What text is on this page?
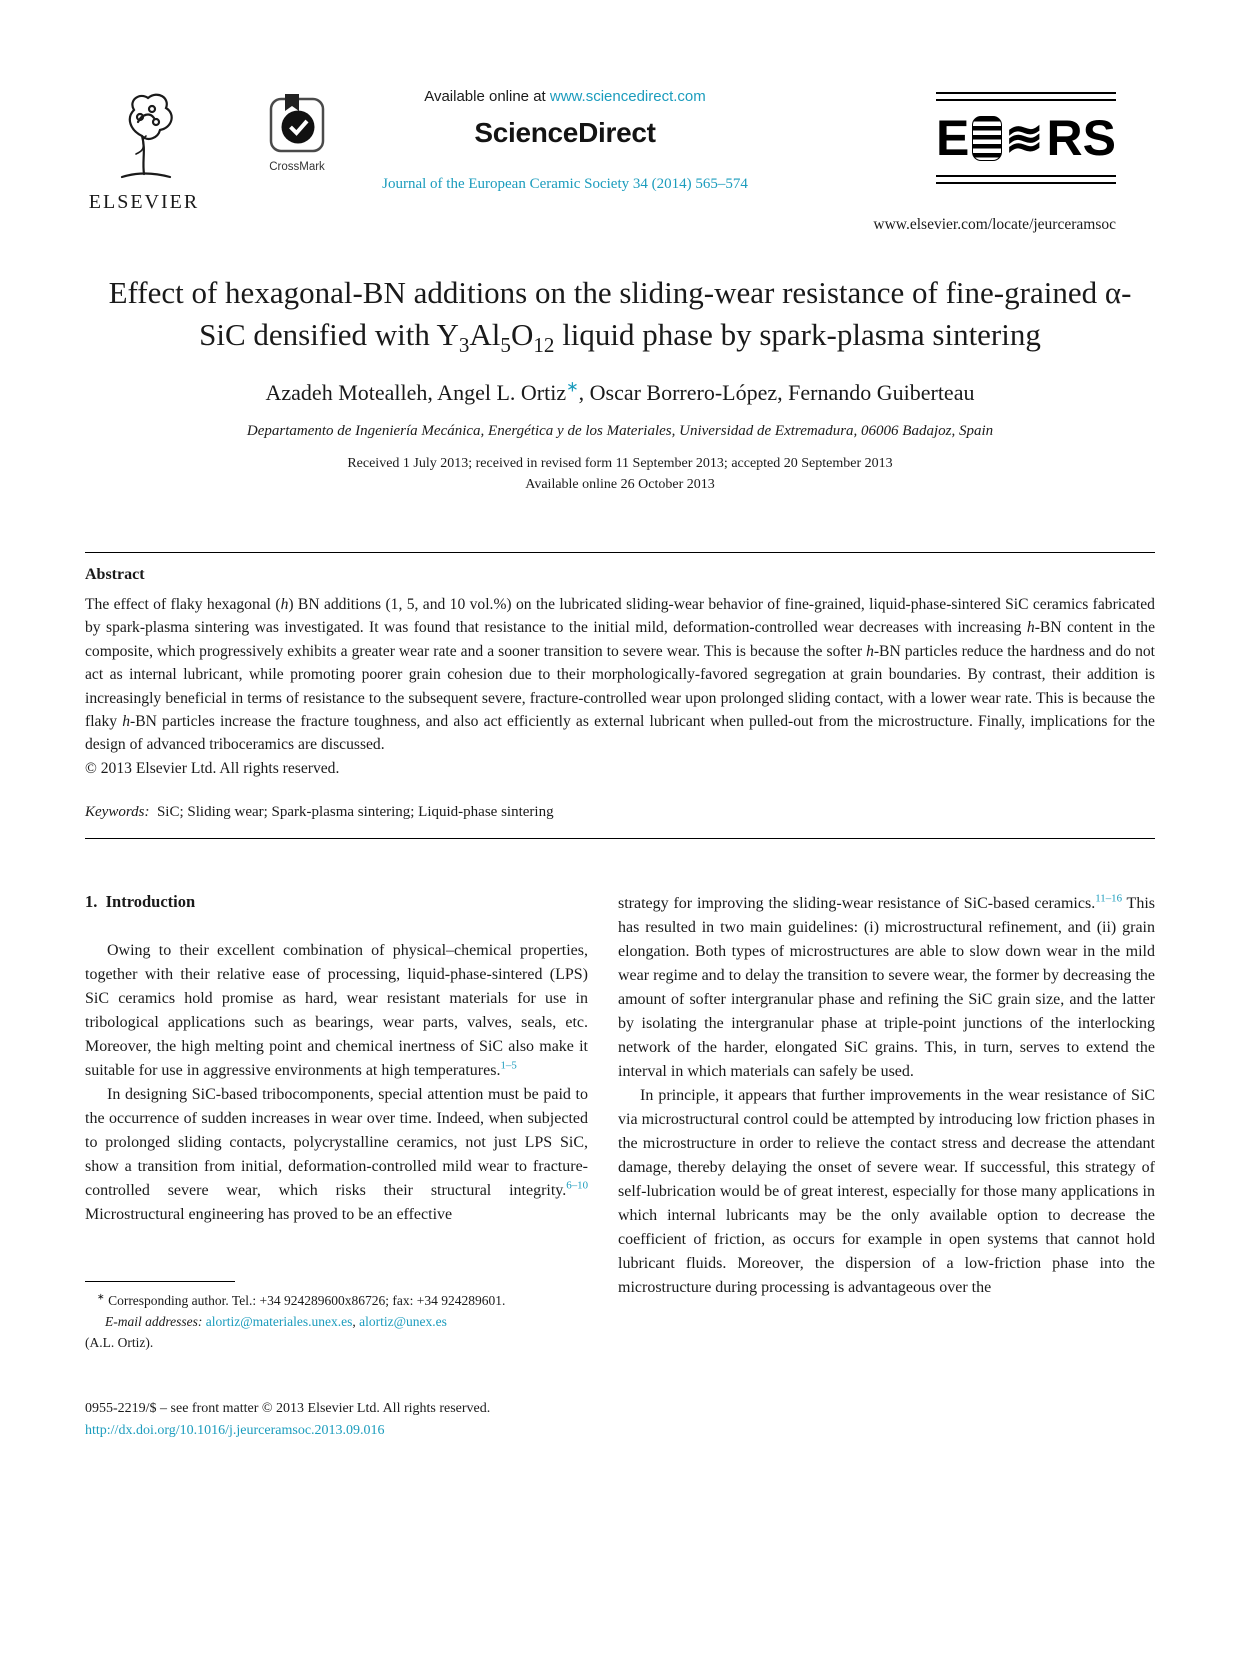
ELSEVIER
CrossMark
Available online at www.sciencedirect.com
ScienceDirect
Journal of the European Ceramic Society 34 (2014) 565–574
E ≋ RS
www.elsevier.com/locate/jeurceramsoc
Effect of hexagonal-BN additions on the sliding-wear resistance of fine-grained α-SiC densified with $Y_3Al_5O_{12}$ liquid phase by spark-plasma sintering
Azadeh Motealleh, Angel L. Ortiz∗, Oscar Borrero-López, Fernando Guiberteau
Departamento de Ingeniería Mecánica, Energética y de los Materiales, Universidad de Extremadura, 06006 Badajoz, Spain
Received 1 July 2013; received in revised form 11 September 2013; accepted 20 September 2013
Available online 26 October 2013
Abstract
The effect of flaky hexagonal (h) BN additions (1, 5, and 10 vol.%) on the lubricated sliding-wear behavior of fine-grained, liquid-phase-sintered SiC ceramics fabricated by spark-plasma sintering was investigated. It was found that resistance to the initial mild, deformation-controlled wear decreases with increasing h-BN content in the composite, which progressively exhibits a greater wear rate and a sooner transition to severe wear. This is because the softer h-BN particles reduce the hardness and do not act as internal lubricant, while promoting poorer grain cohesion due to their morphologically-favored segregation at grain boundaries. By contrast, their addition is increasingly beneficial in terms of resistance to the subsequent severe, fracture-controlled wear upon prolonged sliding contact, with a lower wear rate. This is because the flaky h-BN particles increase the fracture toughness, and also act efficiently as external lubricant when pulled-out from the microstructure. Finally, implications for the design of advanced triboceramics are discussed.
© 2013 Elsevier Ltd. All rights reserved.
Keywords:  SiC; Sliding wear; Spark-plasma sintering; Liquid-phase sintering
1.  Introduction

Owing to their excellent combination of physical–chemical properties, together with their relative ease of processing, liquid-phase-sintered (LPS) SiC ceramics hold promise as hard, wear resistant materials for use in tribological applications such as bearings, wear parts, valves, seals, etc. Moreover, the high melting point and chemical inertness of SiC also make it suitable for use in aggressive environments at high temperatures.$^{1-5}$

In designing SiC-based tribocomponents, special attention must be paid to the occurrence of sudden increases in wear over time. Indeed, when subjected to prolonged sliding contacts, polycrystalline ceramics, not just LPS SiC, show a transition from initial, deformation-controlled mild wear to fracture-controlled severe wear, which risks their structural integrity.$^{6-10}$ Microstructural engineering has proved to be an effective

∗ Corresponding author. Tel.: +34 924289600x86726; fax: +34 924289601.
E-mail addresses: alortiz@materiales.unex.es, alortiz@unex.es
(A.L. Ortiz).
0955-2219/$ – see front matter © 2013 Elsevier Ltd. All rights reserved.
http://dx.doi.org/10.1016/j.jeurceramsoc.2013.09.016

strategy for improving the sliding-wear resistance of SiC-based ceramics.$^{11-16}$ This has resulted in two main guidelines: (i) microstructural refinement, and (ii) grain elongation. Both types of microstructures are able to slow down wear in the mild wear regime and to delay the transition to severe wear, the former by decreasing the amount of softer intergranular phase and refining the SiC grain size, and the latter by isolating the intergranular phase at triple-point junctions of the interlocking network of the harder, elongated SiC grains. This, in turn, serves to extend the interval in which materials can safely be used.

In principle, it appears that further improvements in the wear resistance of SiC via microstructural control could be attempted by introducing low friction phases in the microstructure in order to relieve the contact stress and decrease the attendant damage, thereby delaying the onset of severe wear. If successful, this strategy of self-lubrication would be of great interest, especially for those many applications in which internal lubricants may be the only available option to decrease the coefficient of friction, as occurs for example in open systems that cannot hold lubricant fluids. Moreover, the dispersion of a low-friction phase into the microstructure during processing is advantageous over the
